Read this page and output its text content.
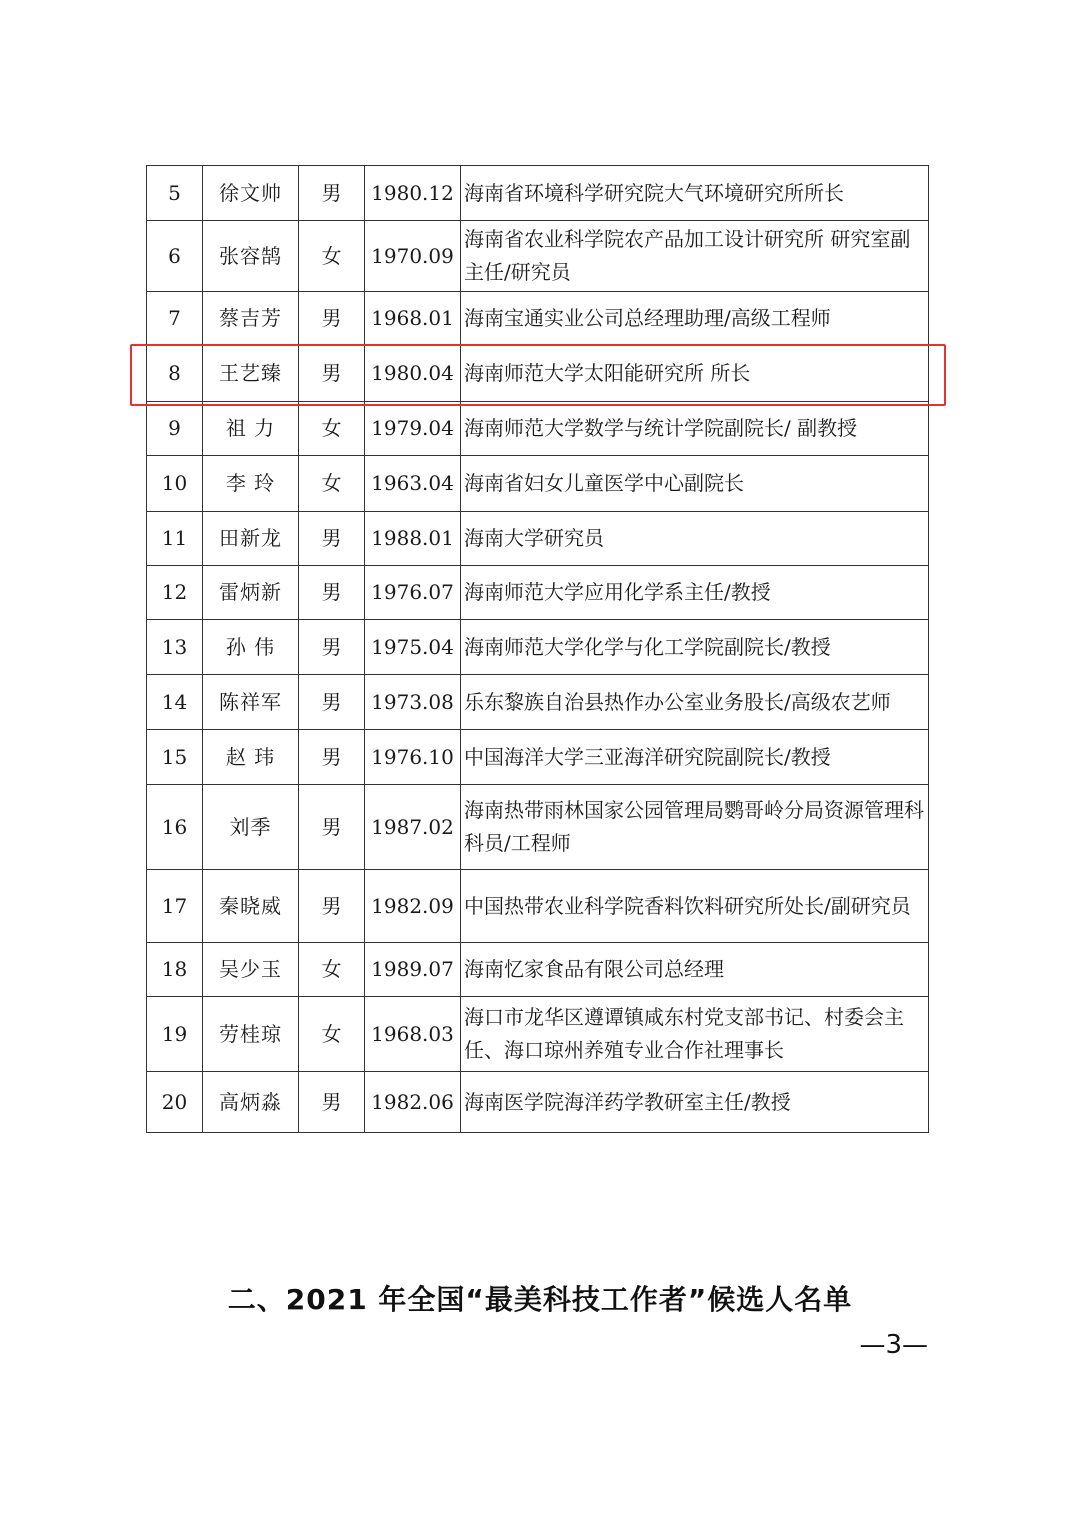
5	徐文帅	男	1980.12	海南省环境科学研究院大气环境研究所所长
6	张容鹄	女	1970.09	海南省农业科学院农产品加工设计研究所 研究室副主任/研究员
7	蔡吉芳	男	1968.01	海南宝通实业公司总经理助理/高级工程师
8	王艺臻	男	1980.04	海南师范大学太阳能研究所 所长
9	祖 力	女	1979.04	海南师范大学数学与统计学院副院长/ 副教授
10	李 玲	女	1963.04	海南省妇女儿童医学中心副院长
11	田新龙	男	1988.01	海南大学研究员
12	雷炳新	男	1976.07	海南师范大学应用化学系主任/教授
13	孙 伟	男	1975.04	海南师范大学化学与化工学院副院长/教授
14	陈祥军	男	1973.08	乐东黎族自治县热作办公室业务股长/高级农艺师
15	赵 玮	男	1976.10	中国海洋大学三亚海洋研究院副院长/教授
16	刘季	男	1987.02	海南热带雨林国家公园管理局鹦哥岭分局资源管理科科员/工程师
17	秦晓威	男	1982.09	中国热带农业科学院香料饮料研究所处长/副研究员
18	吴少玉	女	1989.07	海南忆家食品有限公司总经理
19	劳桂琼	女	1968.03	海口市龙华区遵谭镇咸东村党支部书记、村委会主任、海口琼州养殖专业合作社理事长
20	高炳淼	男	1982.06	海南医学院海洋药学教研室主任/教授
二、2021 年全国“最美科技工作者”候选人名单
—3—
